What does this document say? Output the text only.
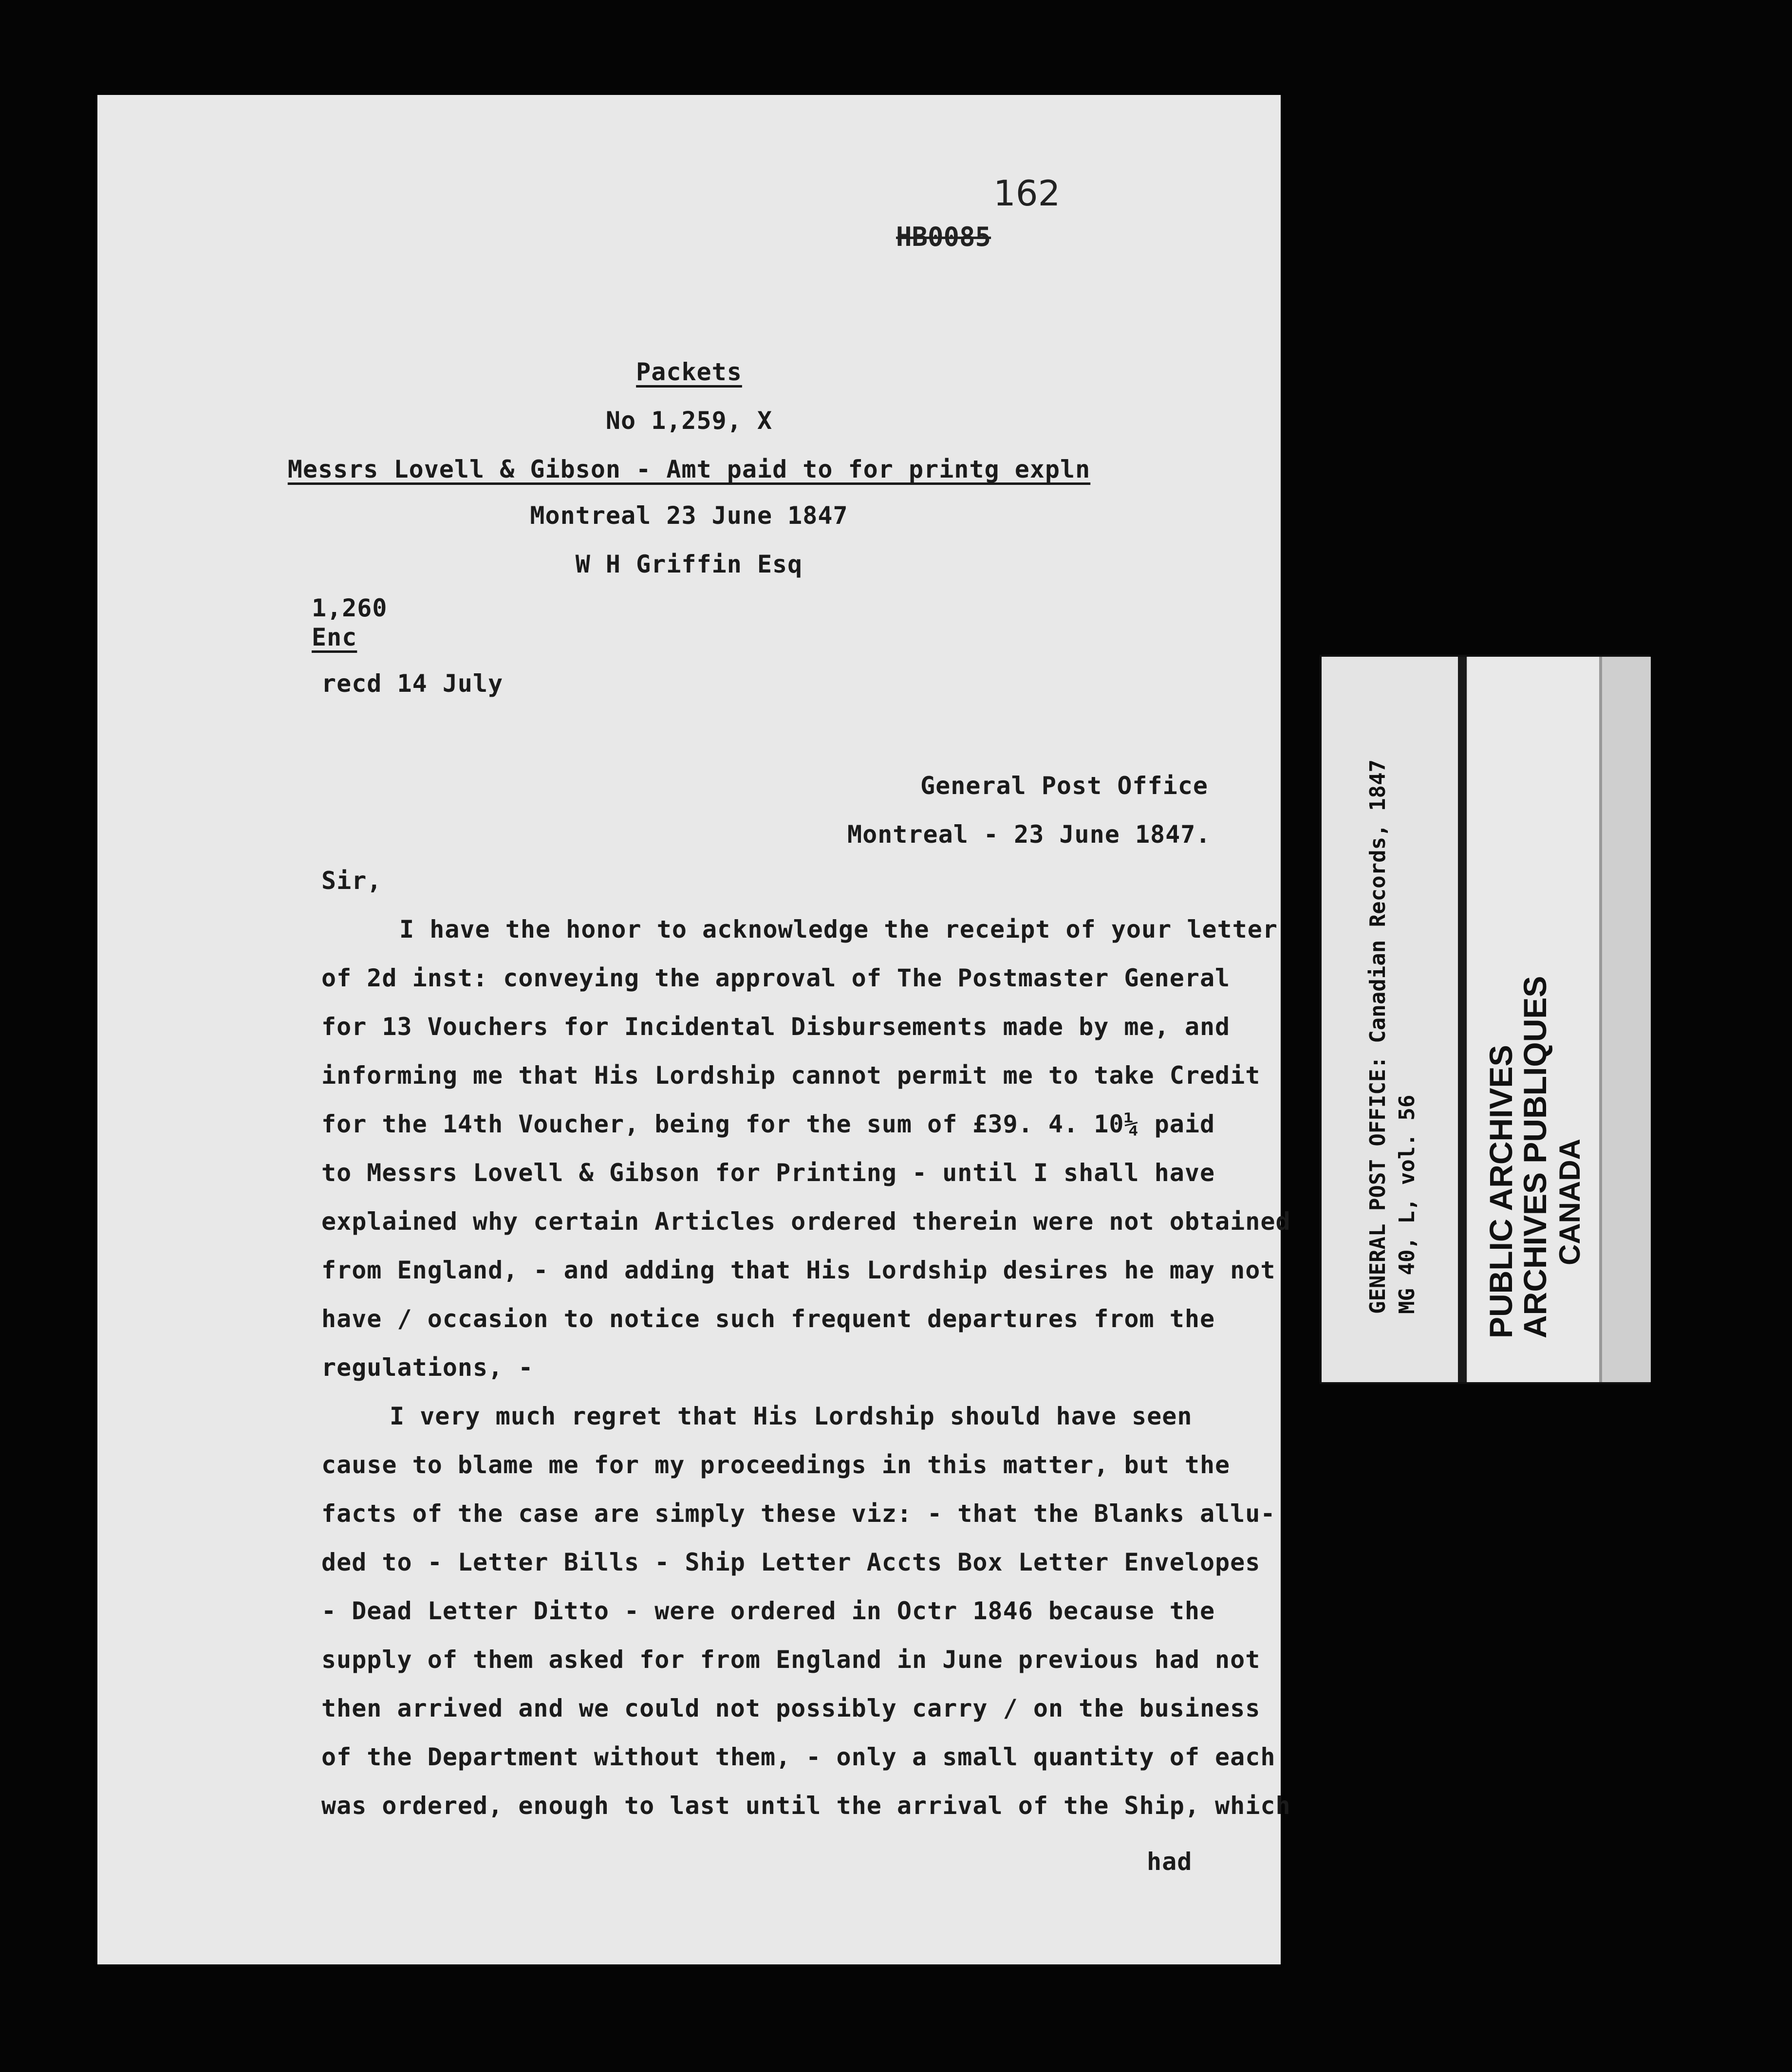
162
HB0085
Packets
No 1,259, X
Messrs Lovell & Gibson - Amt paid to for printg expln
Montreal 23 June 1847
W H Griffin Esq
1,260
Enc
recd 14 July
General Post Office
Montreal - 23 June 1847.
Sir,
I have the honor to acknowledge the receipt of your letter
of 2d inst: conveying the approval of The Postmaster General
for 13 Vouchers for Incidental Disbursements made by me, and
informing me that His Lordship cannot permit me to take Credit
for the 14th Voucher, being for the sum of £39. 4. 10¼ paid
to Messrs Lovell & Gibson for Printing - until I shall have
explained why certain Articles ordered therein were not obtained
from England, - and adding that His Lordship desires he may not
have / occasion to notice such frequent departures from the
regulations, -
I very much regret that His Lordship should have seen
cause to blame me for my proceedings in this matter, but the
facts of the case are simply these viz: - that the Blanks allu-
ded to - Letter Bills - Ship Letter Accts Box Letter Envelopes
- Dead Letter Ditto - were ordered in Octr 1846 because the
supply of them asked for from England in June previous had not
then arrived and we could not possibly carry / on the business
of the Department without them, - only a small quantity of each
was ordered, enough to last until the arrival of the Ship, which
had
GENERAL POST OFFICE: Canadian Records, 1847 MG 40, L, vol. 56 PUBLIC ARCHIVES
ARCHIVES PUBLIQUES CANADA
